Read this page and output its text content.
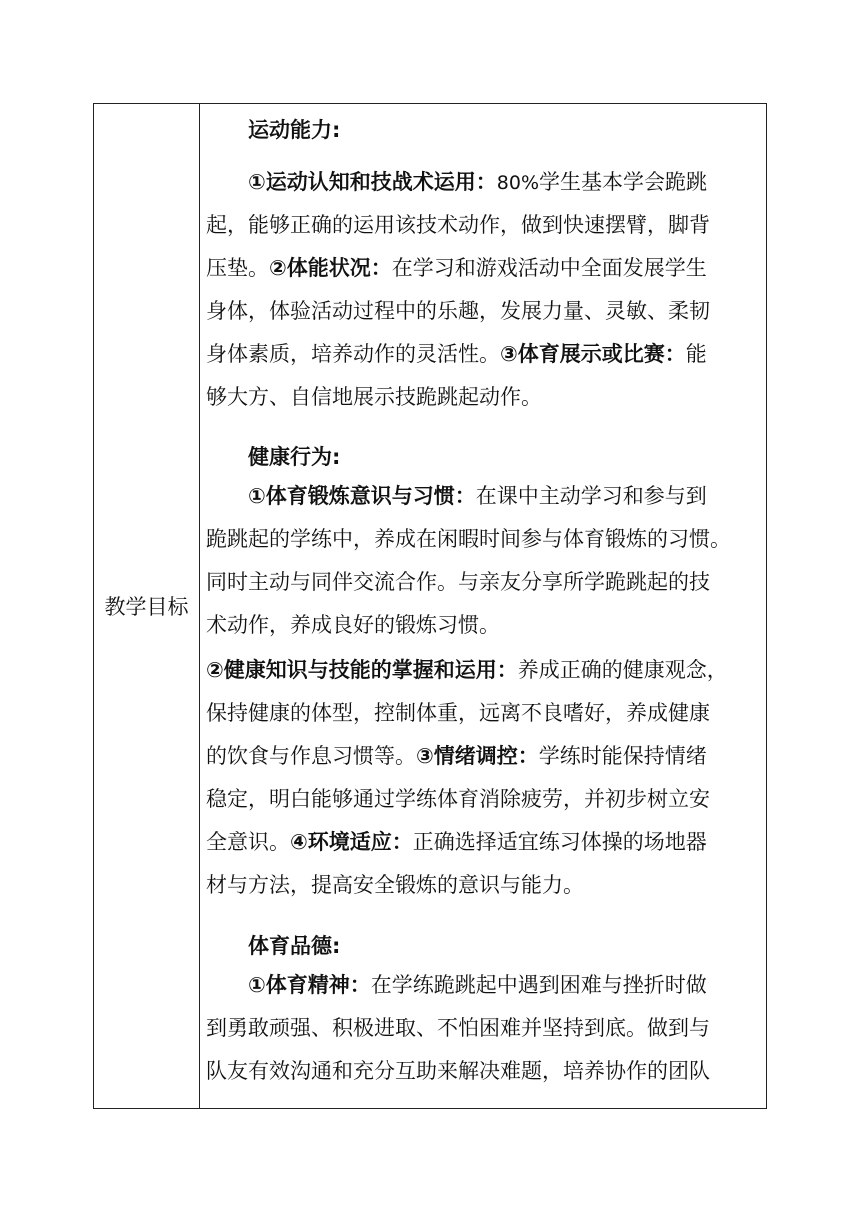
教学目标
运动能力:
①运动认知和技战术运用：80%学生基本学会跪跳
起，能够正确的运用该技术动作，做到快速摆臂，脚背
压垫。②体能状况：在学习和游戏活动中全面发展学生
身体，体验活动过程中的乐趣，发展力量、灵敏、柔韧
身体素质，培养动作的灵活性。③体育展示或比赛：能
够大方、自信地展示技跪跳起动作。
健康行为:
①体育锻炼意识与习惯：在课中主动学习和参与到
跪跳起的学练中，养成在闲暇时间参与体育锻炼的习惯。
同时主动与同伴交流合作。与亲友分享所学跪跳起的技
术动作，养成良好的锻炼习惯。
②健康知识与技能的掌握和运用：养成正确的健康观念，
保持健康的体型，控制体重，远离不良嗜好，养成健康
的饮食与作息习惯等。③情绪调控：学练时能保持情绪
稳定，明白能够通过学练体育消除疲劳，并初步树立安
全意识。④环境适应：正确选择适宜练习体操的场地器
材与方法，提高安全锻炼的意识与能力。
体育品德:
①体育精神：在学练跪跳起中遇到困难与挫折时做
到勇敢顽强、积极进取、不怕困难并坚持到底。做到与
队友有效沟通和充分互助来解决难题，培养协作的团队
